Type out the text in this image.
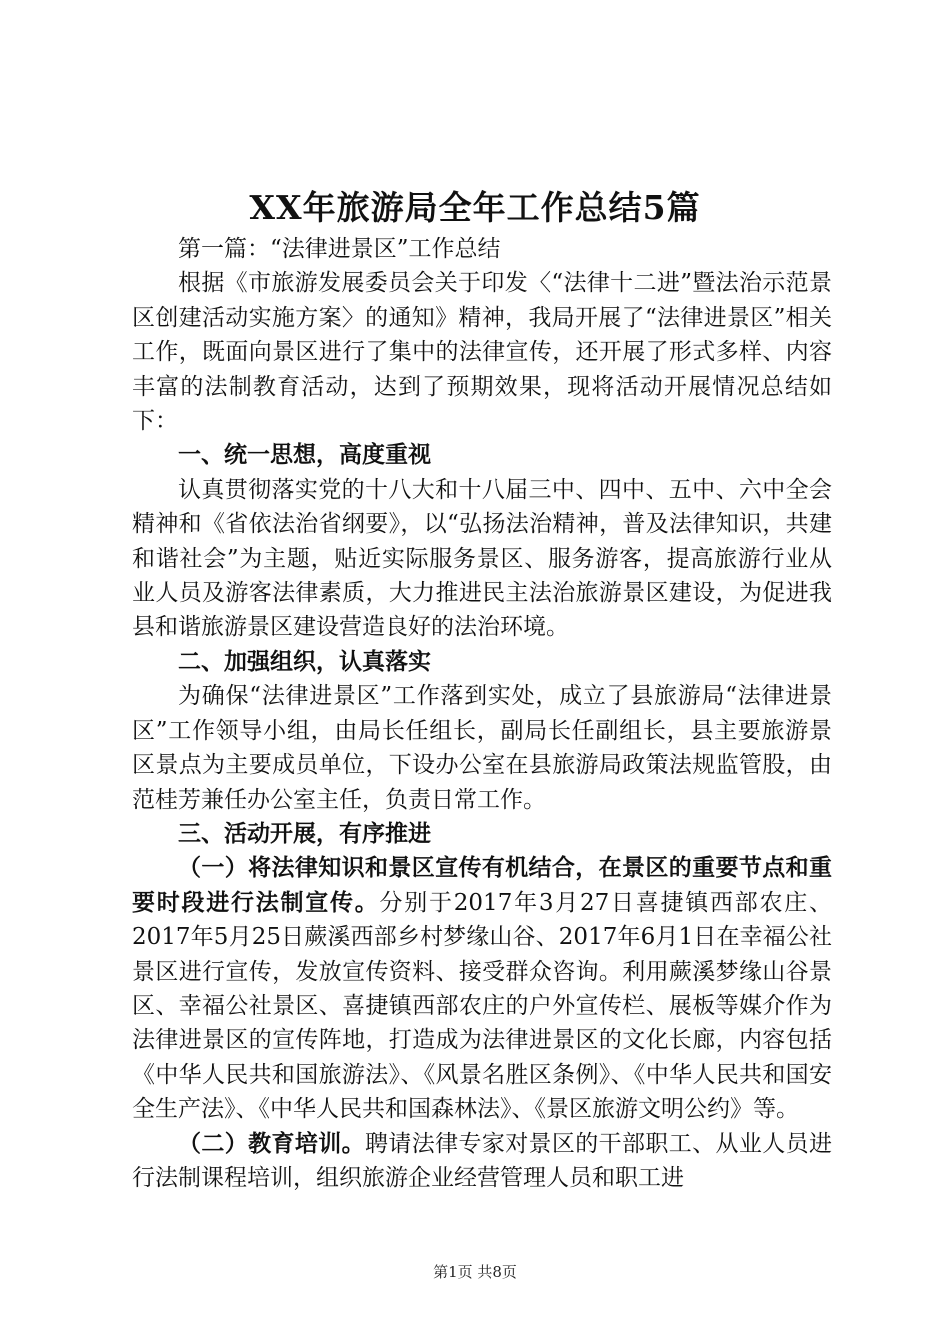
XX年旅游局全年工作总结5篇

第一篇：“法律进景区”工作总结

根据《市旅游发展委员会关于印发〈“法律十二进”暨法治示范景区创建活动实施方案〉的通知》精神，我局开展了“法律进景区”相关工作，既面向景区进行了集中的法律宣传，还开展了形式多样、内容丰富的法制教育活动，达到了预期效果，现将活动开展情况总结如下：

一、统一思想，高度重视

认真贯彻落实党的十八大和十八届三中、四中、五中、六中全会精神和《省依法治省纲要》，以“弘扬法治精神，普及法律知识，共建和谐社会”为主题，贴近实际服务景区、服务游客，提高旅游行业从业人员及游客法律素质，大力推进民主法治旅游景区建设，为促进我县和谐旅游景区建设营造良好的法治环境。

二、加强组织，认真落实

为确保“法律进景区”工作落到实处，成立了县旅游局“法律进景区”工作领导小组，由局长任组长，副局长任副组长，县主要旅游景区景点为主要成员单位，下设办公室在县旅游局政策法规监管股，由范桂芳兼任办公室主任，负责日常工作。

三、活动开展，有序推进

（一）将法律知识和景区宣传有机结合，在景区的重要节点和重要时段进行法制宣传。分别于2017年3月27日喜捷镇西部农庄、2017年5月25日蕨溪西部乡村梦缘山谷、2017年6月1日在幸福公社景区进行宣传，发放宣传资料、接受群众咨询。利用蕨溪梦缘山谷景区、幸福公社景区、喜捷镇西部农庄的户外宣传栏、展板等媒介作为法律进景区的宣传阵地，打造成为法律进景区的文化长廊，内容包括《中华人民共和国旅游法》、《风景名胜区条例》、《中华人民共和国安全生产法》、《中华人民共和国森林法》、《景区旅游文明公约》等。

（二）教育培训。聘请法律专家对景区的干部职工、从业人员进行法制课程培训，组织旅游企业经营管理人员和职工进

第1页 共8页
